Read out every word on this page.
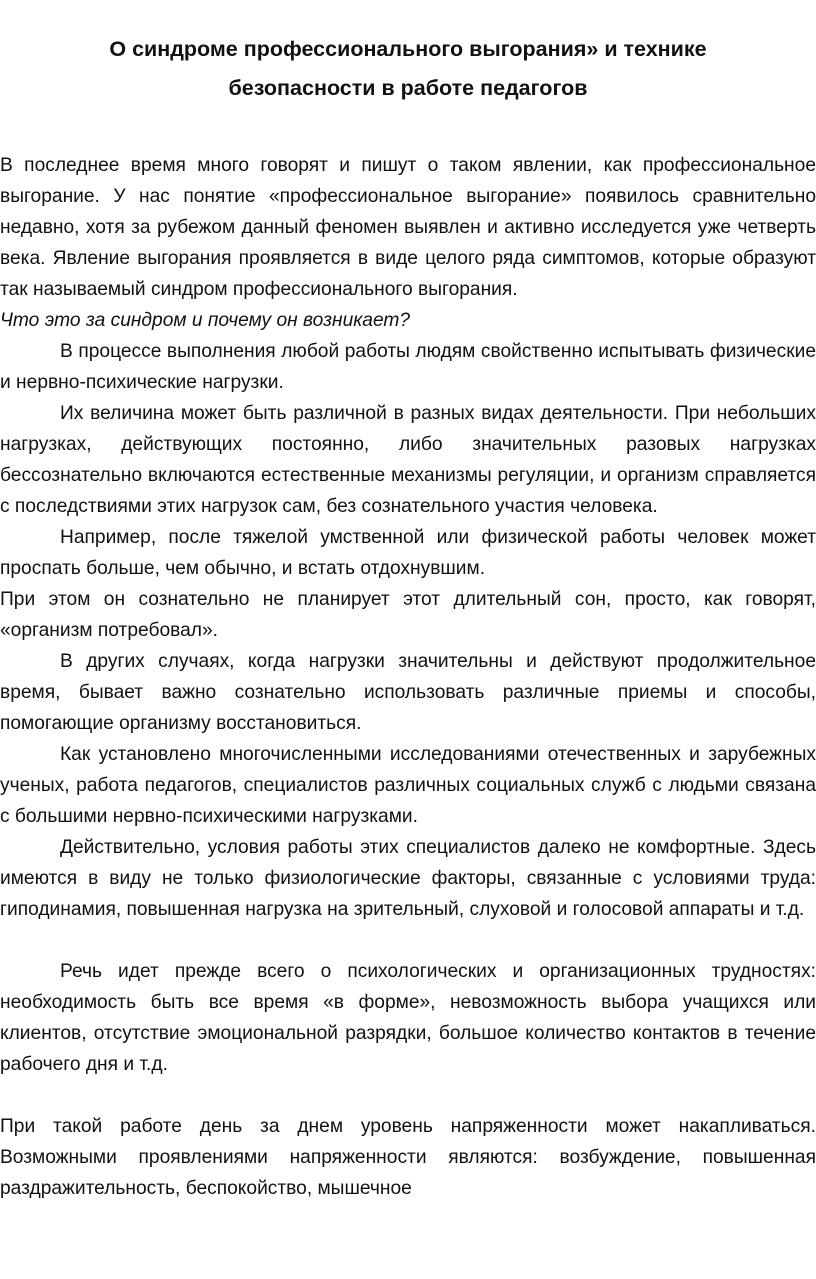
О синдроме профессионального выгорания» и технике
безопасности в работе педагогов

В последнее время много говорят и пишут о таком явлении, как профессиональное выгорание. У нас понятие «профессиональное выгорание» появилось сравнительно недавно, хотя за рубежом данный феномен выявлен и активно исследуется уже четверть века. Явление выгорания проявляется в виде целого ряда симптомов, которые образуют так называемый синдром профессионального выгорания.

Что это за синдром и почему он возникает?

В процессе выполнения любой работы людям свойственно испытывать физические и нервно-психические нагрузки.

Их величина может быть различной в разных видах деятельности. При небольших нагрузках, действующих постоянно, либо значительных разовых нагрузках бессознательно включаются естественные механизмы регуляции, и организм справляется с последствиями этих нагрузок сам, без сознательного участия человека.

Например, после тяжелой умственной или физической работы человек может проспать больше, чем обычно, и встать отдохнувшим.

При этом он сознательно не планирует этот длительный сон, просто, как говорят, «организм потребовал».

В других случаях, когда нагрузки значительны и действуют продолжительное время, бывает важно сознательно использовать различные приемы и способы, помогающие организму восстановиться.

Как установлено многочисленными исследованиями отечественных и зарубежных ученых, работа педагогов, специалистов различных социальных служб с людьми связана с большими нервно-психическими нагрузками.

Действительно, условия работы этих специалистов далеко не комфортные. Здесь имеются в виду не только физиологические факторы, связанные с условиями труда: гиподинамия, повышенная нагрузка на зрительный, слуховой и голосовой аппараты и т.д.

Речь идет прежде всего о психологических и организационных трудностях: необходимость быть все время «в форме», невозможность выбора учащихся или клиентов, отсутствие эмоциональной разрядки, большое количество контактов в течение рабочего дня и т.д.

При такой работе день за днем уровень напряженности может накапливаться. Возможными проявлениями напряженности являются: возбуждение, повышенная раздражительность, беспокойство, мышечное
